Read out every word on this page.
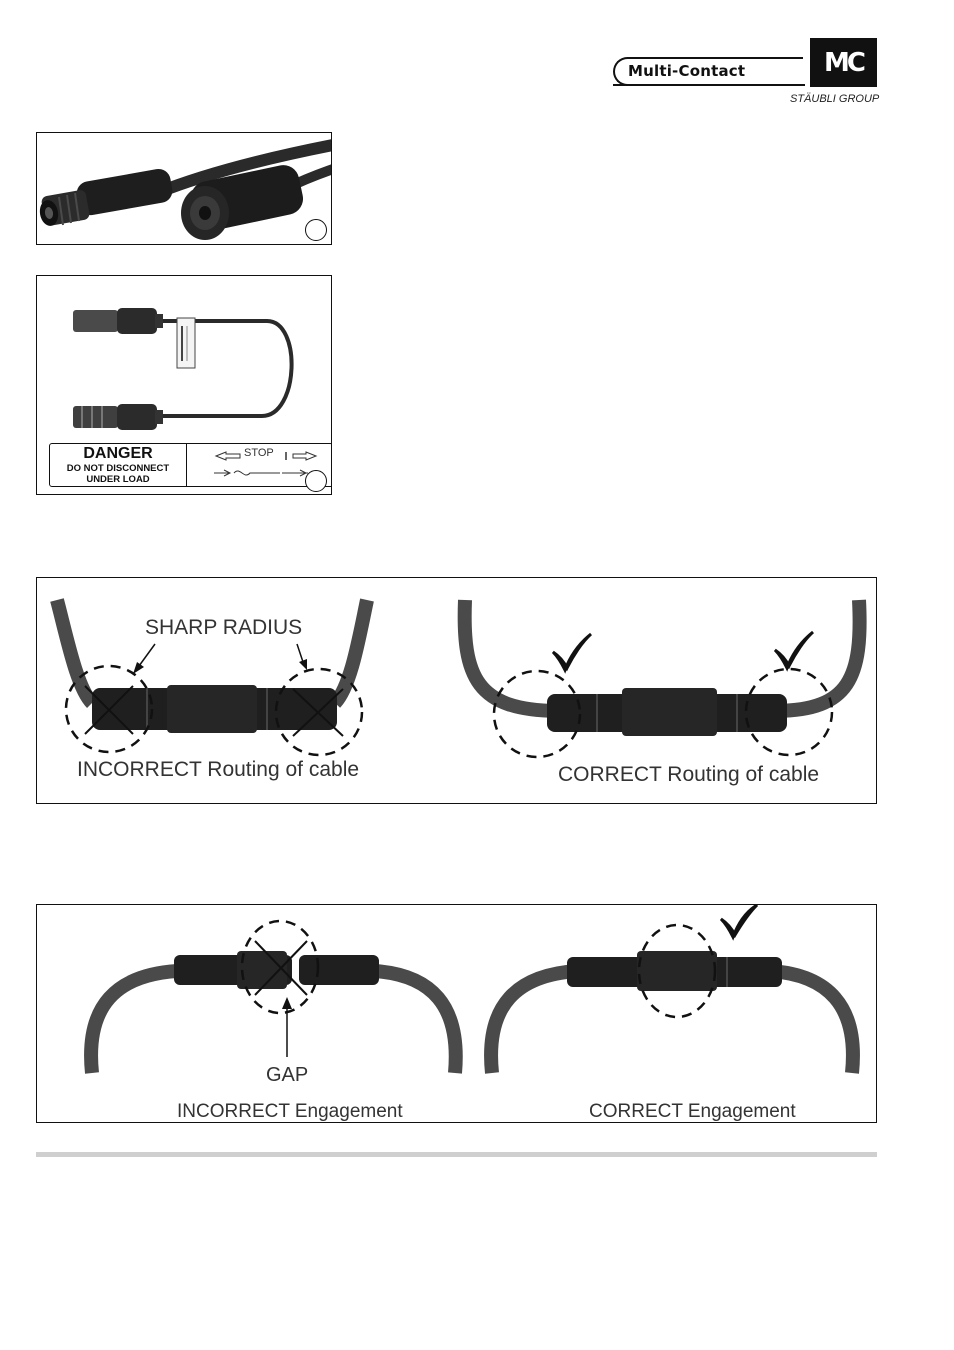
Multi-Contact	MC
STÄUBLI GROUP
DANGER
DO NOT DISCONNECT
UNDER LOAD
STOP
SHARP RADIUS
INCORRECT Routing of cable	CORRECT Routing of cable
GAP
INCORRECT Engagement	CORRECT Engagement
